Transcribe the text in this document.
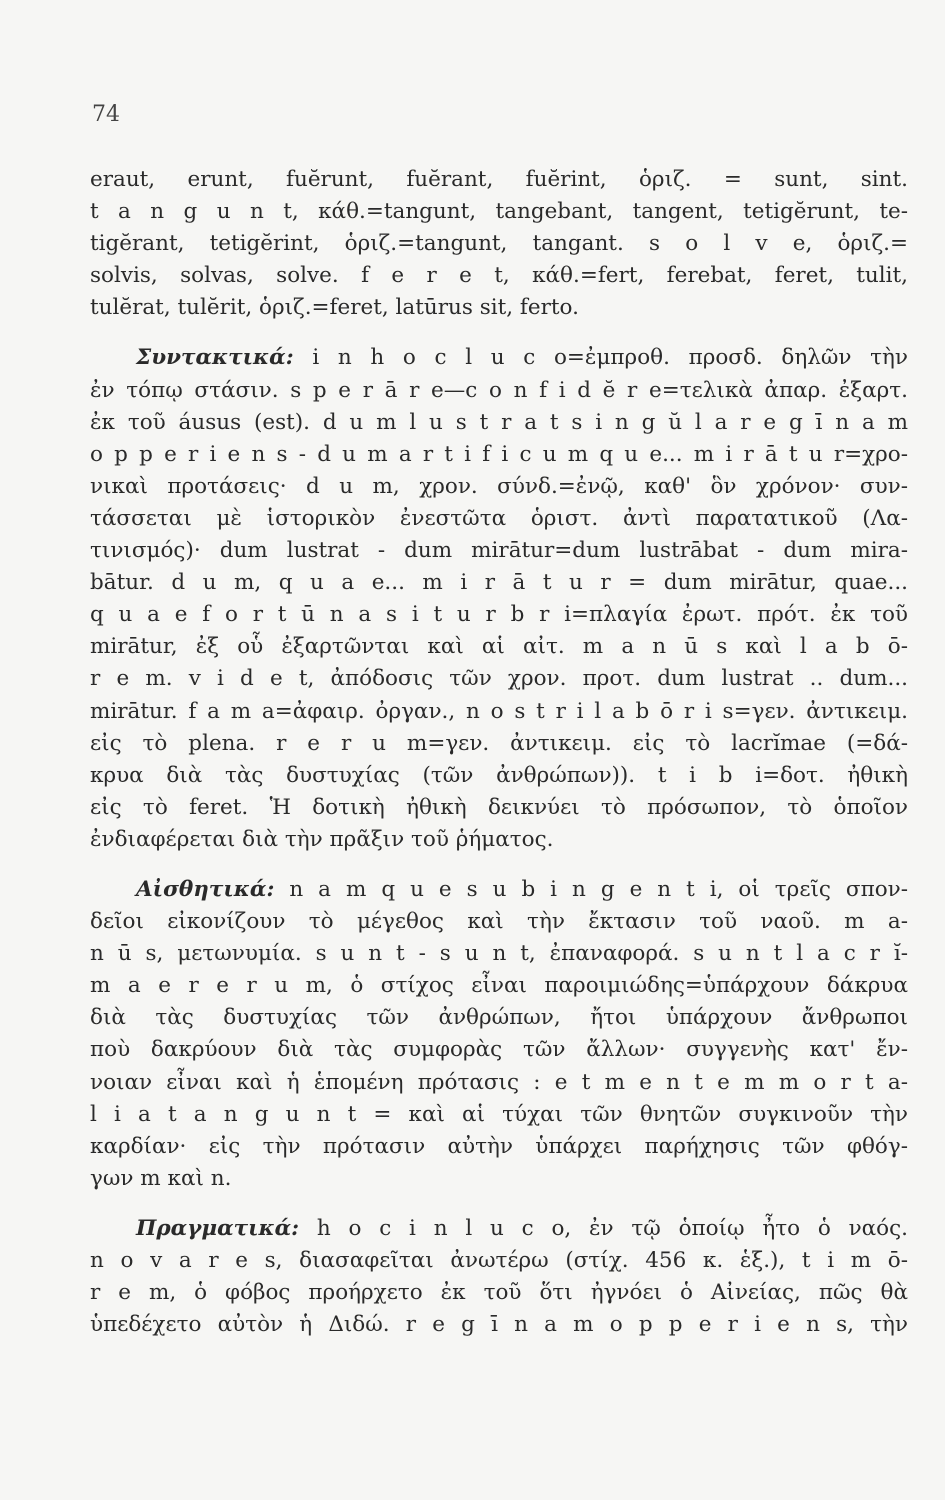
74
eraut, erunt, fuĕrunt, fuĕrant, fuĕrint, ὁριζ. = sunt, sint.
t a n g u n t, κάθ.=tangunt, tangebant, tangent, tetigĕrunt, te-
tigĕrant, tetigĕrint, ὁριζ.=tangunt, tangant. s o l v e, ὁριζ.=
solvis, solvas, solve. f e r e t, κάθ.=fert, ferebat, feret, tulit,
tulĕrat, tulĕrit, ὁριζ.=feret, latūrus sit, ferto.
Συντακτικά: i n h o c l u c o=ἐμπροθ. προσδ. δηλῶν τὴν
ἐν τόπῳ στάσιν. s p e r ā r e—c o n f i d ĕ r e=τελικὰ ἀπαρ. ἐξαρτ.
ἐκ τοῦ áusus (est). d u m l u s t r a t s i n g ŭ l a r e g ī n a m
o p p e r i e n s - d u m a r t i f i c u m q u e... m i r ā t u r=χρο-
νικαὶ προτάσεις· d u m, χρον. σύνδ.=ἐνῷ, καθ' ὃν χρόνον· συν-
τάσσεται μὲ ἱστορικὸν ἐνεστῶτα ὁριστ. ἀντὶ παρατατικοῦ (Λα-
τινισμός)· dum lustrat - dum mirātur=dum lustrābat - dum mira-
bātur. d u m, q u a e... m i r ā t u r = dum mirātur, quae...
q u a e f o r t ū n a s i t u r b r i=πλαγία ἐρωτ. πρότ. ἐκ τοῦ
mirātur, ἐξ οὗ ἐξαρτῶνται καὶ αἱ αἰτ. m a n ū s καὶ l a b ō-
r e m. v i d e t, ἀπόδοσις τῶν χρον. προτ. dum lustrat .. dum...
mirātur. f a m a=ἀφαιρ. ὀργαν., n o s t r i l a b ō r i s=γεν. ἀντικειμ.
εἰς τὸ plena. r e r u m=γεν. ἀντικειμ. εἰς τὸ lacrĭmae (=δά-
κρυα διὰ τὰς δυστυχίας (τῶν ἀνθρώπων)). t i b i=δοτ. ἠθικὴ
εἰς τὸ feret. Ἡ δοτικὴ ἠθικὴ δεικνύει τὸ πρόσωπον, τὸ ὁποῖον
ἐνδιαφέρεται διὰ τὴν πρᾶξιν τοῦ ῥήματος.
Αἰσθητικά: n a m q u e s u b i n g e n t i, οἱ τρεῖς σπον-
δεῖοι εἰκονίζουν τὸ μέγεθος καὶ τὴν ἔκτασιν τοῦ ναοῦ. m a-
n ū s, μετωνυμία. s u n t - s u n t, ἐπαναφορά. s u n t l a c r ĭ-
m a e r e r u m, ὁ στίχος εἶναι παροιμιώδης=ὑπάρχουν δάκρυα
διὰ τὰς δυστυχίας τῶν ἀνθρώπων, ἤτοι ὑπάρχουν ἄνθρωποι
ποὺ δακρύουν διὰ τὰς συμφορὰς τῶν ἄλλων· συγγενὴς κατ' ἔν-
νοιαν εἶναι καὶ ἡ ἑπομένη πρότασις : e t m e n t e m m o r t a-
l i a t a n g u n t = καὶ αἱ τύχαι τῶν θνητῶν συγκινοῦν τὴν
καρδίαν· εἰς τὴν πρότασιν αὐτὴν ὑπάρχει παρήχησις τῶν φθόγ-
γων m καὶ n.
Πραγματικά: h o c i n l u c o, ἐν τῷ ὁποίῳ ἦτο ὁ ναός.
n o v a r e s, διασαφεῖται ἀνωτέρω (στίχ. 456 κ. ἑξ.), t i m ō-
r e m, ὁ φόβος προήρχετο ἐκ τοῦ ὅτι ἠγνόει ὁ Αἰνείας, πῶς θὰ
ὑπεδέχετο αὐτὸν ἡ Διδώ. r e g ī n a m o p p e r i e n s, τὴν
